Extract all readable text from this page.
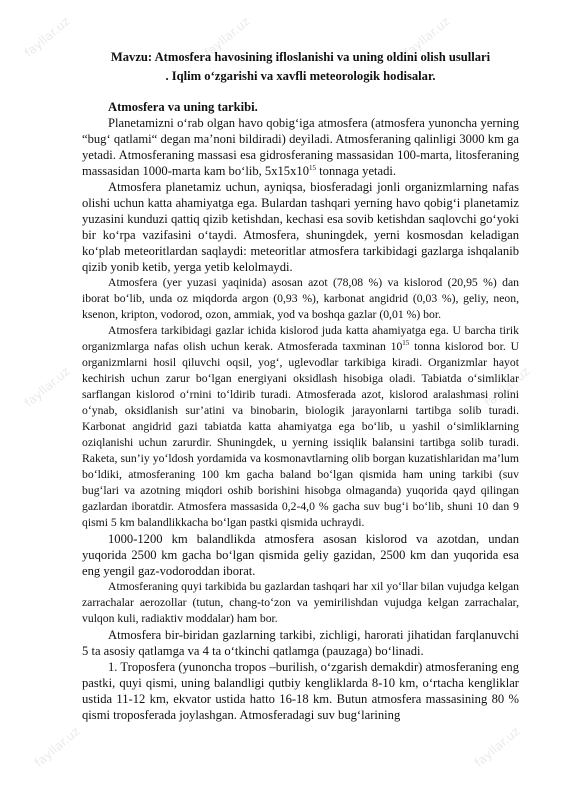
fayllar.uz	fayllar.uz	fayllar.uz
fayllar.uz	fayllar.uz
fayllar.uz	fayllar.uz
Mavzu: Atmosfera havosining ifloslanishi va uning oldini olish usullari
. Iqlim o‘zgarishi va xavfli meteorologik hodisalar.
Atmosfera va uning tarkibi.

Planetamizni o‘rab olgan havo qobig‘iga atmosfera (atmosfera yunoncha yerning “bug‘ qatlami“ degan ma’noni bildiradi) deyiladi. Atmosferaning qalinligi 3000 km ga yetadi. Atmosferaning massasi esa gidrosferaning massasidan 100-marta, litosferaning massasidan 1000-marta kam bo‘lib, $5x15x10^{15}$ tonnaga yetadi.

Atmosfera planetamiz uchun, ayniqsa, biosferadagi jonli organizmlarning nafas olishi uchun katta ahamiyatga ega. Bulardan tashqari yerning havo qobig‘i planetamiz yuzasini kunduzi qattiq qizib ketishdan, kechasi esa sovib ketishdan saqlovchi go‘yoki bir ko‘rpa vazifasini o‘taydi. Atmosfera, shuningdek, yerni kosmosdan keladigan ko‘plab meteoritlardan saqlaydi: meteoritlar atmosfera tarkibidagi gazlarga ishqalanib qizib yonib ketib, yerga yetib kelolmaydi.

Atmosfera (yer yuzasi yaqinida) asosan azot (78,08 %) va kislorod (20,95 %) dan iborat bo‘lib, unda oz miqdorda argon (0,93 %), karbonat angidrid (0,03 %), geliy, neon, ksenon, kripton, vodorod, ozon, ammiak, yod va boshqa gazlar (0,01 %) bor.

Atmosfera tarkibidagi gazlar ichida kislorod juda katta ahamiyatga ega. U barcha tirik organizmlarga nafas olish uchun kerak. Atmosferada taxminan $10^{15}$ tonna kislorod bor. U organizmlarni hosil qiluvchi oqsil, yog‘, uglevodlar tarkibiga kiradi. Organizmlar hayot kechirish uchun zarur bo‘lgan energiyani oksidlash hisobiga oladi. Tabiatda o‘simliklar sarflangan kislorod o‘rnini to‘ldirib turadi. Atmosferada azot, kislorod aralashmasi rolini o‘ynab, oksidlanish sur’atini va binobarin, biologik jarayonlarni tartibga solib turadi. Karbonat angidrid gazi tabiatda katta ahamiyatga ega bo‘lib, u yashil o‘simliklarning oziqlanishi uchun zarurdir. Shuningdek, u yerning issiqlik balansini tartibga solib turadi. Raketa, sun’iy yo‘ldosh yordamida va kosmonavtlarning olib borgan kuzatishlaridan ma’lum bo‘ldiki, atmosferaning 100 km gacha baland bo‘lgan qismida ham uning tarkibi (suv bug‘lari va azotning miqdori oshib borishini hisobga olmaganda) yuqorida qayd qilingan gazlardan iboratdir. Atmosfera massasida 0,2-4,0 % gacha suv bug‘i bo‘lib, shuni 10 dan 9 qismi 5 km balandlikkacha bo‘lgan pastki qismida uchraydi.

1000-1200 km balandlikda atmosfera asosan kislorod va azotdan, undan yuqorida 2500 km gacha bo‘lgan qismida geliy gazidan, 2500 km dan yuqorida esa eng yengil gaz-vodoroddan iborat.

Atmosferaning quyi tarkibida bu gazlardan tashqari har xil yo‘llar bilan vujudga kelgan zarrachalar aerozollar (tutun, chang-to‘zon va yemirilishdan vujudga kelgan zarrachalar, vulqon kuli, radiaktiv moddalar) ham bor.

Atmosfera bir-biridan gazlarning tarkibi, zichligi, harorati jihatidan farqlanuvchi 5 ta asosiy qatlamga va 4 ta o‘tkinchi qatlamga (pauzaga) bo‘linadi.

1. Troposfera (yunoncha tropos –burilish, o‘zgarish demakdir) atmosferaning eng pastki, quyi qismi, uning balandligi qutbiy kengliklarda 8-10 km, o‘rtacha kengliklar ustida 11-12 km, ekvator ustida hatto 16-18 km. Butun atmosfera massasining 80 % qismi troposferada joylashgan. Atmosferadagi suv bug‘larining
